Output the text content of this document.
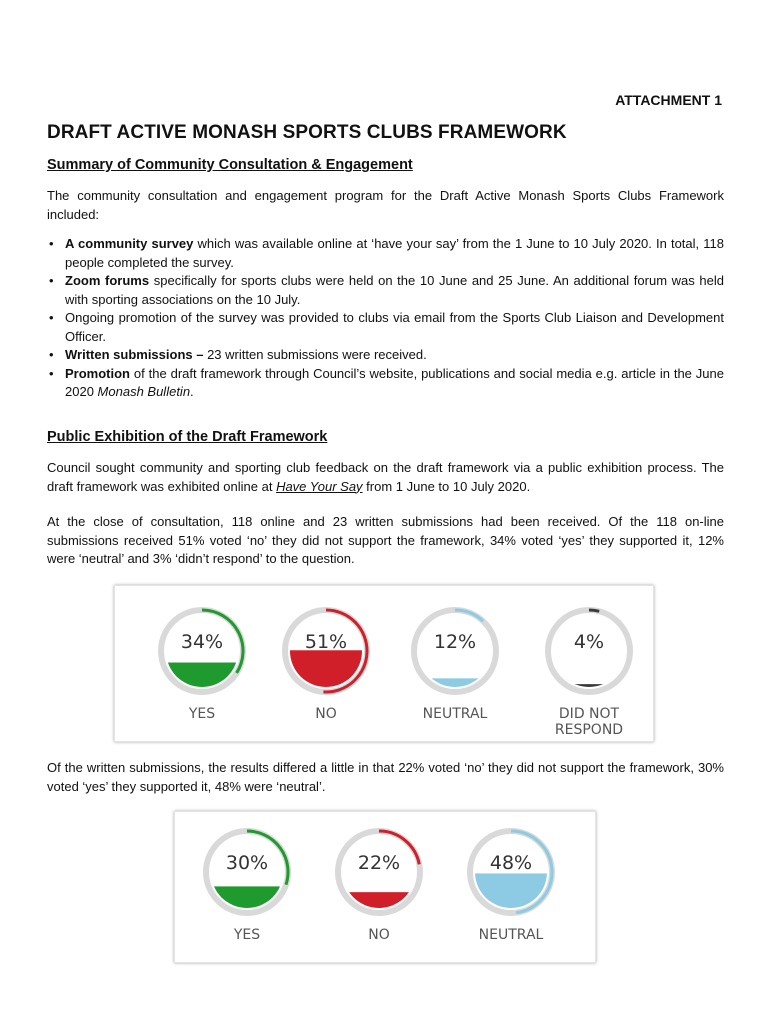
ATTACHMENT 1
DRAFT ACTIVE MONASH SPORTS CLUBS FRAMEWORK
Summary of Community Consultation & Engagement

The community consultation and engagement program for the Draft Active Monash Sports Clubs Framework included:

• A community survey which was available online at ‘have your say’ from the 1 June to 10 July 2020. In total, 118 people completed the survey.
• Zoom forums specifically for sports clubs were held on the 10 June and 25 June. An additional forum was held with sporting associations on the 10 July.
• Ongoing promotion of the survey was provided to clubs via email from the Sports Club Liaison and Development Officer.
• Written submissions – 23 written submissions were received.
• Promotion of the draft framework through Council’s website, publications and social media e.g. article in the June 2020 Monash Bulletin.
Public Exhibition of the Draft Framework

Council sought community and sporting club feedback on the draft framework via a public exhibition process. The draft framework was exhibited online at Have Your Say from 1 June to 10 July 2020.

At the close of consultation, 118 online and 23 written submissions had been received. Of the 118 on-line submissions received 51% voted ‘no’ they did not support the framework, 34% voted ‘yes’ they supported it, 12% were ‘neutral’ and 3% ‘didn’t respond’ to the question.

34%
YES
51%
NO
12%
NEUTRAL
4%
DID NOT
RESPOND

Of the written submissions, the results differed a little in that 22% voted ‘no’ they did not support the framework, 30% voted ‘yes’ they supported it, 48% were ‘neutral’.

30%
YES
22%
NO
48%
NEUTRAL
